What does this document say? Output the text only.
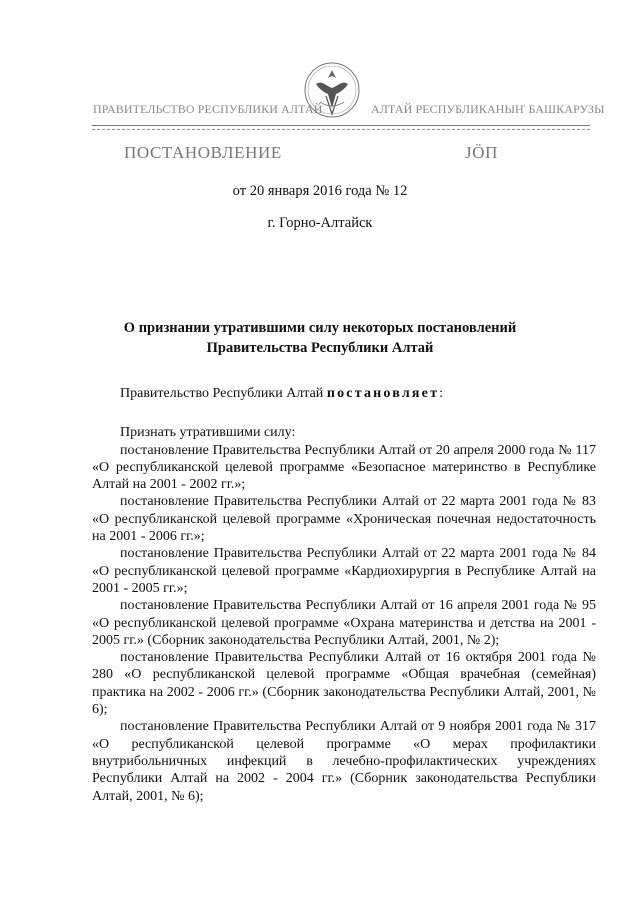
ПРАВИТЕЛЬСТВО РЕСПУБЛИКИ АЛТАЙ	АЛТАЙ РЕСПУБЛИКАНЫҤ БАШКАРУЗЫ
ПОСТАНОВЛЕНИЕ	JӦП
от 20 января 2016 года № 12
г. Горно-Алтайск
О признании утратившими силу некоторых постановлений
Правительства Республики Алтай

Правительство Республики Алтай постановляет:

Признать утратившими силу:

постановление Правительства Республики Алтай от 20 апреля 2000 года № 117 «О республиканской целевой программе «Безопасное материнство в Республике Алтай на 2001 - 2002 гг.»;

постановление Правительства Республики Алтай от 22 марта 2001 года № 83 «О республиканской целевой программе «Хроническая почечная недостаточность на 2001 - 2006 гг.»;

постановление Правительства Республики Алтай от 22 марта 2001 года № 84 «О республиканской целевой программе «Кардиохирургия в Республике Алтай на 2001 - 2005 гг.»;

постановление Правительства Республики Алтай от 16 апреля 2001 года № 95 «О республиканской целевой программе «Охрана материнства и детства на 2001 - 2005 гг.» (Сборник законодательства Республики Алтай, 2001, № 2);

постановление Правительства Республики Алтай от 16 октября 2001 года № 280 «О республиканской целевой программе «Общая врачебная (семейная) практика на 2002 - 2006 гг.» (Сборник законодательства Республики Алтай, 2001, № 6);

постановление Правительства Республики Алтай от 9 ноября 2001 года № 317 «О республиканской целевой программе «О мерах профилактики внутрибольничных инфекций в лечебно-профилактических учреждениях Республики Алтай на 2002 - 2004 гг.» (Сборник законодательства Республики Алтай, 2001, № 6);
